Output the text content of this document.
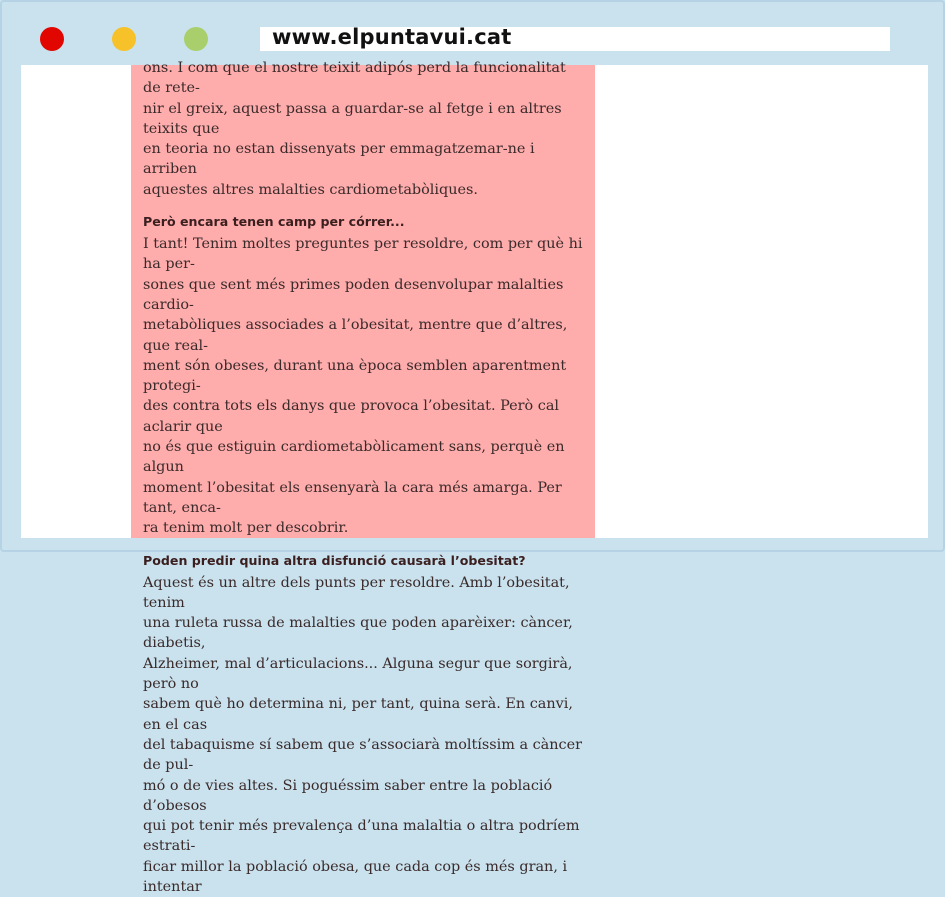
www.elpuntavui.cat

ons. I com que el nostre teixit adipós perd la funcionalitat de rete-

nir el greix, aquest passa a guardar-se al fetge i en altres teixits que

en teoria no estan dissenyats per emmagatzemar-ne i arriben

aquestes altres malalties cardiometabòliques.

Però encara tenen camp per córrer...

I tant! Tenim moltes preguntes per resoldre, com per què hi ha per-

sones que sent més primes poden desenvolupar malalties cardio-

metabòliques associades a l’obesitat, mentre que d’altres, que real-

ment són obeses, durant una època semblen aparentment protegi-

des contra tots els danys que provoca l’obesitat. Però cal aclarir que

no és que estiguin cardiometabòlicament sans, perquè en algun

moment l’obesitat els ensenyarà la cara més amarga. Per tant, enca-

ra tenim molt per descobrir.

Poden predir quina altra disfunció causarà l’obesitat?

Aquest és un altre dels punts per resoldre. Amb l’obesitat, tenim

una ruleta russa de malalties que poden aparèixer: càncer, diabetis,

Alzheimer, mal d’articulacions... Alguna segur que sorgirà, però no

sabem què ho determina ni, per tant, quina serà. En canvi, en el cas

del tabaquisme sí sabem que s’associarà moltíssim a càncer de pul-

mó o de vies altes. Si poguéssim saber entre la població d’obesos

qui pot tenir més prevalença d’una malaltia o altra podríem estrati-

ficar millor la població obesa, que cada cop és més gran, i intentar
